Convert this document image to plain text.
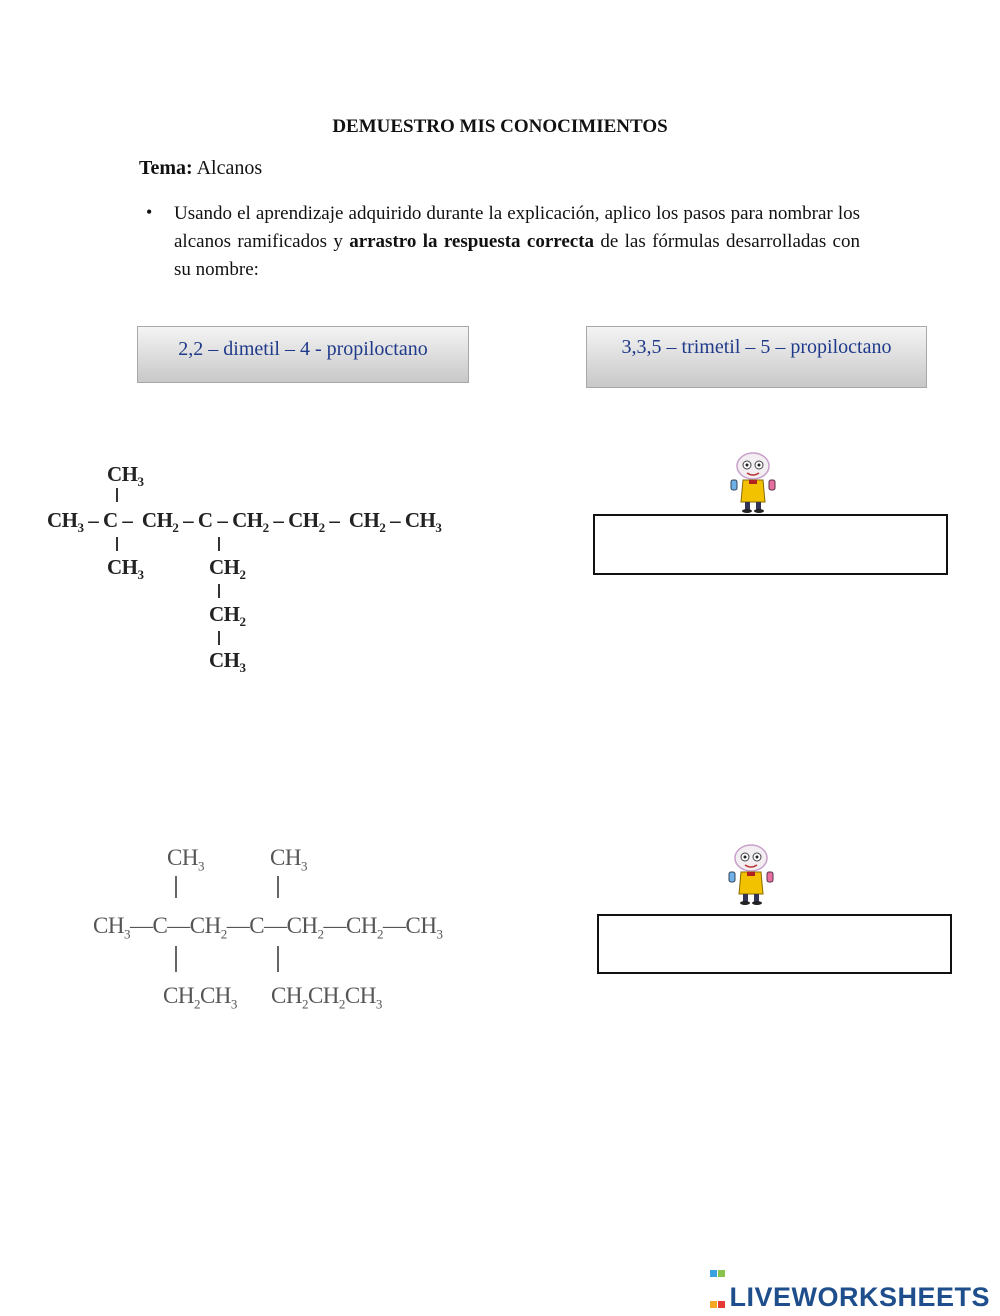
DEMUESTRO MIS CONOCIMIENTOS
Tema: Alcanos
• Usando el aprendizaje adquirido durante la explicación, aplico los pasos para nombrar los alcanos ramificados y arrastro la respuesta correcta de las fórmulas desarrolladas con su nombre:
2,2 – dimetil – 4 - propiloctano	3,3,5 – trimetil – 5 – propiloctano
$CH_3$
$CH_3$ – C –  $CH_2$ – C – $CH_2 - CH_2 - CH_2 - CH_3$
$CH_3$	$CH_2$
$CH_2$
$CH_3$
$CH_3$	$CH_3$
$CH_3—C—CH_2—C—CH_2—CH_2—CH_3$
$CH_2CH_3$ $CH_2CH_2CH_3$

LIVEWORKSHEETS
